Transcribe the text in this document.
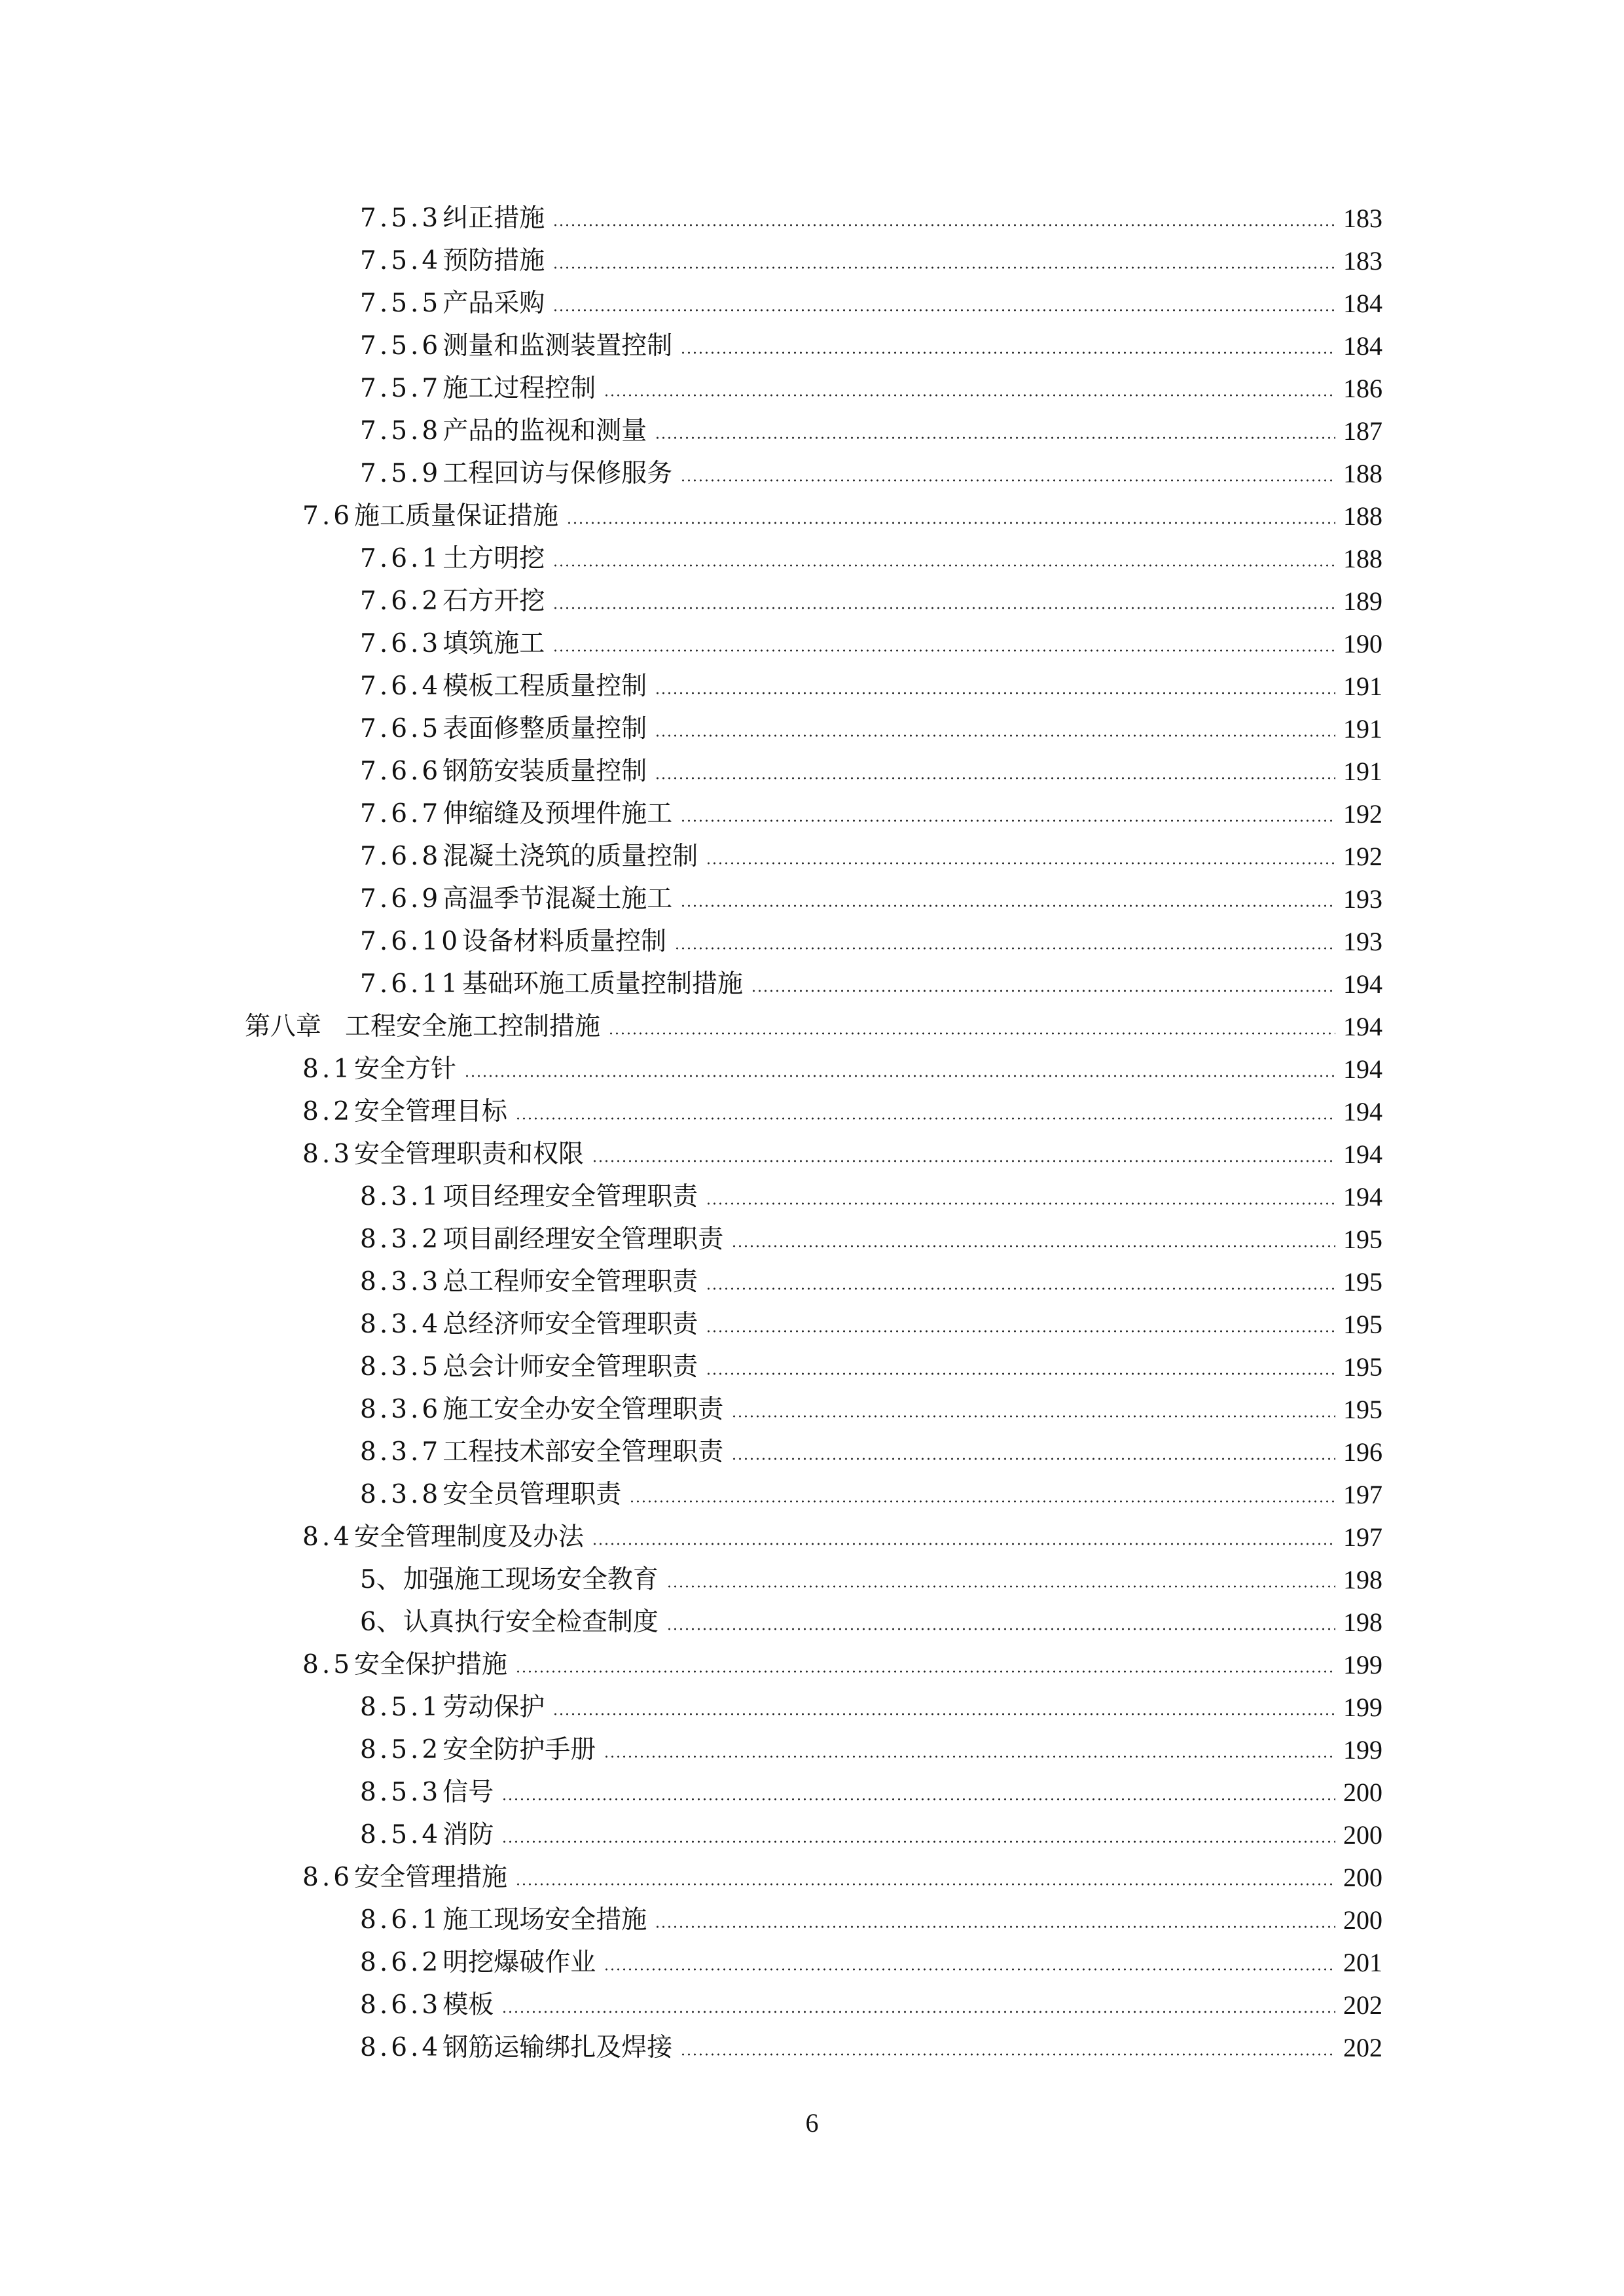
7.5.3 纠正措施	183
7.5.4 预防措施	183
7.5.5 产品采购	184
7.5.6 测量和监测装置控制	184
7.5.7 施工过程控制	186
7.5.8 产品的监视和测量	187
7.5.9 工程回访与保修服务	188
7.6 施工质量保证措施	188
7.6.1 土方明挖	188
7.6.2 石方开挖	189
7.6.3 填筑施工	190
7.6.4 模板工程质量控制	191
7.6.5 表面修整质量控制	191
7.6.6 钢筋安装质量控制	191
7.6.7 伸缩缝及预埋件施工	192
7.6.8 混凝土浇筑的质量控制	192
7.6.9 高温季节混凝土施工	193
7.6.10 设备材料质量控制	193
7.6.11 基础环施工质量控制措施	194
第八章 工程安全施工控制措施	194
8.1 安全方针	194
8.2 安全管理目标	194
8.3 安全管理职责和权限	194
8.3.1 项目经理安全管理职责	194
8.3.2 项目副经理安全管理职责	195
8.3.3 总工程师安全管理职责	195
8.3.4 总经济师安全管理职责	195
8.3.5 总会计师安全管理职责	195
8.3.6 施工安全办安全管理职责	195
8.3.7 工程技术部安全管理职责	196
8.3.8 安全员管理职责	197
8.4 安全管理制度及办法	197
5、 加强施工现场安全教育	198
6、 认真执行安全检查制度	198
8.5 安全保护措施	199
8.5.1 劳动保护	199
8.5.2 安全防护手册	199
8.5.3 信号	200
8.5.4 消防	200
8.6 安全管理措施	200
8.6.1 施工现场安全措施	200
8.6.2 明挖爆破作业	201
8.6.3 模板	202
8.6.4 钢筋运输绑扎及焊接	202
6
